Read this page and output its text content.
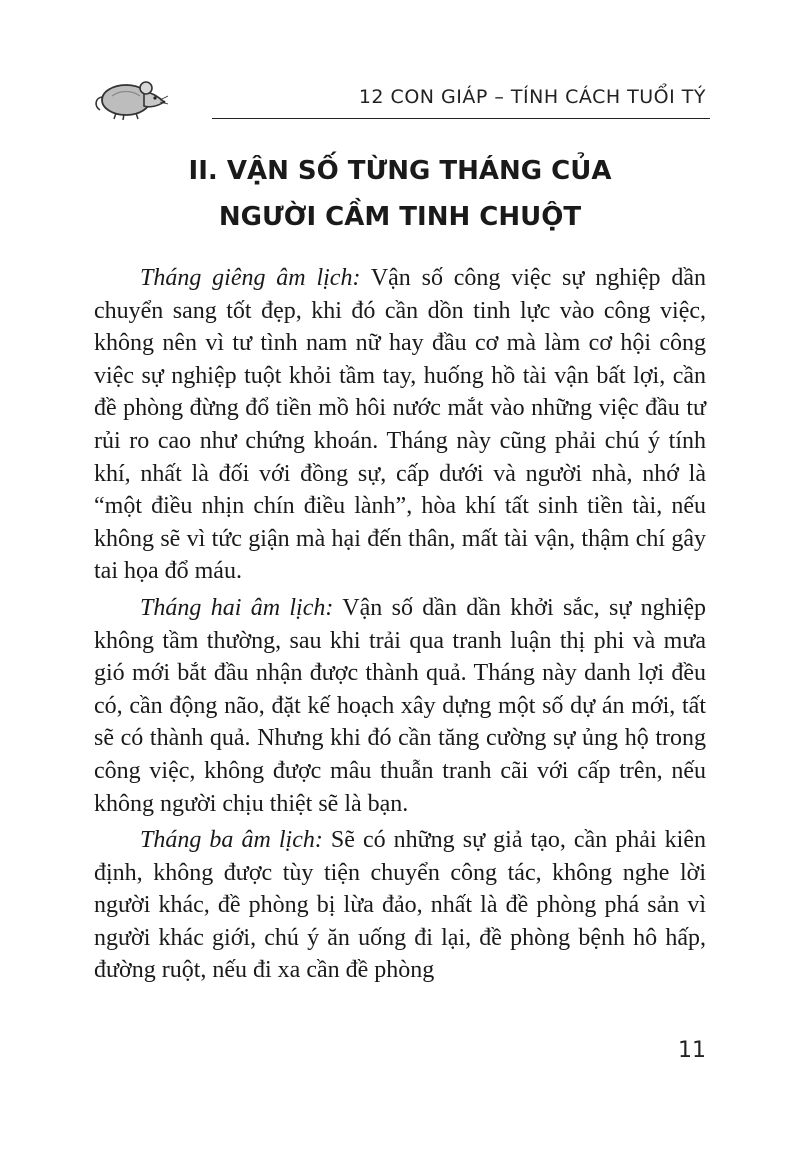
12 CON GIÁP – TÍNH CÁCH TUỔI TÝ
II. VẬN SỐ TỪNG THÁNG CỦA
NGƯỜI CẦM TINH CHUỘT

Tháng giêng âm lịch: Vận số công việc sự nghiệp dần chuyển sang tốt đẹp, khi đó cần dồn tinh lực vào công việc, không nên vì tư tình nam nữ hay đầu cơ mà làm cơ hội công việc sự nghiệp tuột khỏi tầm tay, huống hồ tài vận bất lợi, cần đề phòng đừng đổ tiền mồ hôi nước mắt vào những việc đầu tư rủi ro cao như chứng khoán. Tháng này cũng phải chú ý tính khí, nhất là đối với đồng sự, cấp dưới và người nhà, nhớ là “một điều nhịn chín điều lành”, hòa khí tất sinh tiền tài, nếu không sẽ vì tức giận mà hại đến thân, mất tài vận, thậm chí gây tai họa đổ máu.

Tháng hai âm lịch: Vận số dần dần khởi sắc, sự nghiệp không tầm thường, sau khi trải qua tranh luận thị phi và mưa gió mới bắt đầu nhận được thành quả. Tháng này danh lợi đều có, cần động não, đặt kế hoạch xây dựng một số dự án mới, tất sẽ có thành quả. Nhưng khi đó cần tăng cường sự ủng hộ trong công việc, không được mâu thuẫn tranh cãi với cấp trên, nếu không người chịu thiệt sẽ là bạn.

Tháng ba âm lịch: Sẽ có những sự giả tạo, cần phải kiên định, không được tùy tiện chuyển công tác, không nghe lời người khác, đề phòng bị lừa đảo, nhất là đề phòng phá sản vì người khác giới, chú ý ăn uống đi lại, đề phòng bệnh hô hấp, đường ruột, nếu đi xa cần đề phòng

11
